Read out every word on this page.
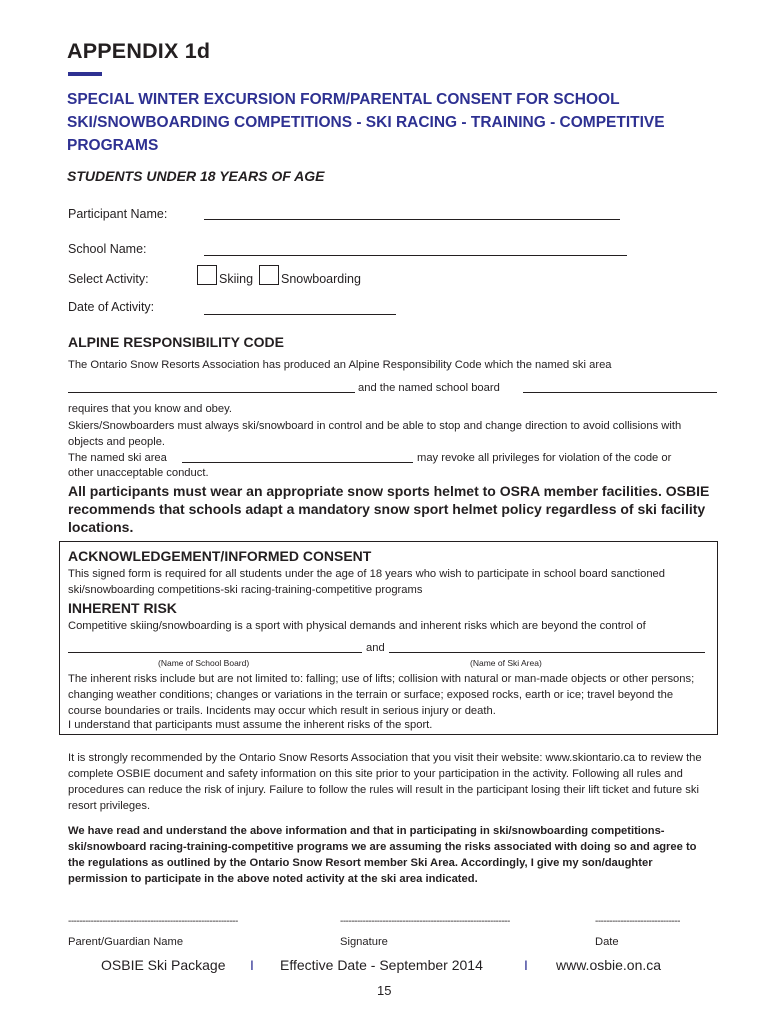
APPENDIX 1d
SPECIAL WINTER EXCURSION FORM/PARENTAL CONSENT FOR SCHOOL SKI/SNOWBOARDING COMPETITIONS - SKI RACING - TRAINING - COMPETITIVE PROGRAMS
STUDENTS UNDER 18 YEARS OF AGE
Participant Name:
School Name:
Select Activity:	Skiing Snowboarding
Date of Activity:
ALPINE RESPONSIBILITY CODE
The Ontario Snow Resorts Association has produced an Alpine Responsibility Code which the named ski area
and the named school board
requires that you know and obey.
Skiers/Snowboarders must always ski/snowboard in control and be able to stop and change direction to avoid collisions with objects and people.
The named ski area	may revoke all privileges for violation of the code or
other unacceptable conduct.
All participants must wear an appropriate snow sports helmet to OSRA member facilities. OSBIE recommends that schools adapt a mandatory snow sport helmet policy regardless of ski facility locations.
ACKNOWLEDGEMENT/INFORMED CONSENT
This signed form is required for all students under the age of 18 years who wish to participate in school board sanctioned ski/snowboarding competitions-ski racing-training-competitive programs
INHERENT RISK
Competitive skiing/snowboarding is a sport with physical demands and inherent risks which are beyond the control of
and
(Name of School Board)	(Name of Ski Area)
The inherent risks include but are not limited to: falling; use of lifts; collision with natural or man-made objects or other persons; changing weather conditions; changes or variations in the terrain or surface; exposed rocks, earth or ice; travel beyond the course boundaries or trails. Incidents may occur which result in serious injury or death.
I understand that participants must assume the inherent risks of the sport.
It is strongly recommended by the Ontario Snow Resorts Association that you visit their website: www.skiontario.ca to review the complete OSBIE document and safety information on this site prior to your participation in the activity. Following all rules and procedures can reduce the risk of injury. Failure to follow the rules will result in the participant losing their lift ticket and future ski resort privileges.
We have read and understand the above information and that in participating in ski/snowboarding competitions-ski/snowboard racing-training-competitive programs we are assuming the risks associated with doing so and agree to the regulations as outlined by the Ontario Snow Resort member Ski Area. Accordingly, I give my son/daughter permission to participate in the above noted activity at the ski area indicated.
------------------------------------------------------------	------------------------------------------------------------	------------------------------
Parent/Guardian Name	Signature	Date
OSBIE Ski Package I Effective Date - September 2014	I www.osbie.on.ca
15
